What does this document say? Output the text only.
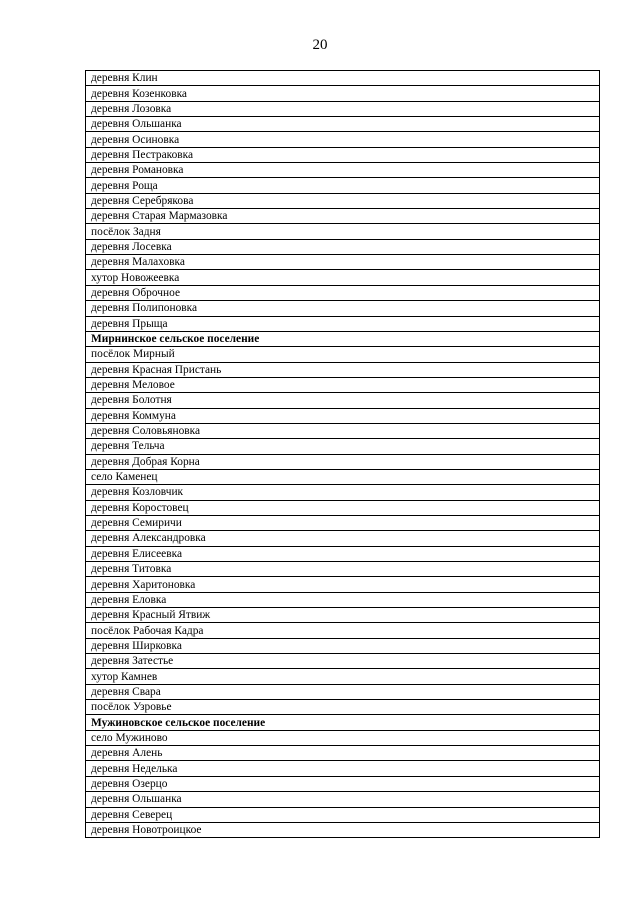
20
деревня Клин
деревня Козенковка
деревня Лозовка
деревня Ольшанка
деревня Осиновка
деревня Пестраковка
деревня Романовка
деревня Роща
деревня Серебрякова
деревня Старая Мармазовка
посёлок Задня
деревня Лосевка
деревня Малаховка
хутор Новожеевка
деревня Оброчное
деревня Полипоновка
деревня Прыща
Мирнинское сельское поселение
посёлок Мирный
деревня Красная Пристань
деревня Меловое
деревня Болотня
деревня Коммуна
деревня Соловьяновка
деревня Тельча
деревня Добрая Корна
село Каменец
деревня Козловчик
деревня Коростовец
деревня Семиричи
деревня Александровка
деревня Елисеевка
деревня Титовка
деревня Харитоновка
деревня Еловка
деревня Красный Ятвиж
посёлок Рабочая Кадра
деревня Ширковка
деревня Затестье
хутор Камнев
деревня Свара
посёлок Узровье
Мужиновское сельское поселение
село Мужиново
деревня Алень
деревня Неделька
деревня Озерцо
деревня Ольшанка
деревня Северец
деревня Новотроицкое
